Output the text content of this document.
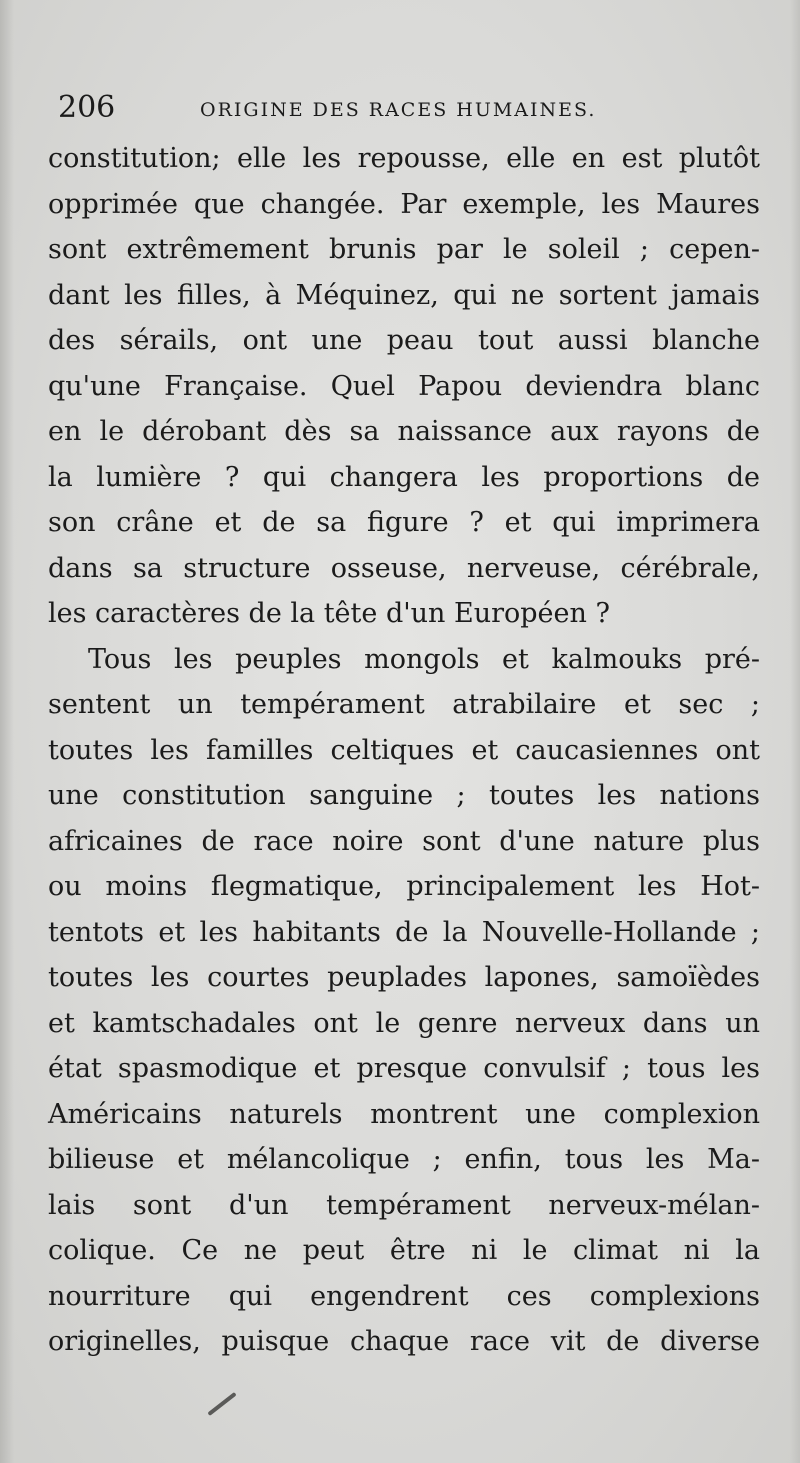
206	ORIGINE DES RACES HUMAINES.
constitution; elle les repousse, elle en est plutôt
opprimée que changée. Par exemple, les Maures
sont extrêmement brunis par le soleil ; cepen-
dant les filles, à Méquinez, qui ne sortent jamais
des sérails, ont une peau tout aussi blanche
qu'une Française. Quel Papou deviendra blanc
en le dérobant dès sa naissance aux rayons de
la lumière ? qui changera les proportions de
son crâne et de sa figure ? et qui imprimera
dans sa structure osseuse, nerveuse, cérébrale,
les caractères de la tête d'un Européen ?
Tous les peuples mongols et kalmouks pré-
sentent un tempérament atrabilaire et sec ;
toutes les familles celtiques et caucasiennes ont
une constitution sanguine ; toutes les nations
africaines de race noire sont d'une nature plus
ou moins flegmatique, principalement les Hot-
tentots et les habitants de la Nouvelle-Hollande ;
toutes les courtes peuplades lapones, samoïèdes
et kamtschadales ont le genre nerveux dans un
état spasmodique et presque convulsif ; tous les
Américains naturels montrent une complexion
bilieuse et mélancolique ; enfin, tous les Ma-
lais sont d'un tempérament nerveux-mélan-
colique. Ce ne peut être ni le climat ni la
nourriture qui engendrent ces complexions
originelles, puisque chaque race vit de diverse
